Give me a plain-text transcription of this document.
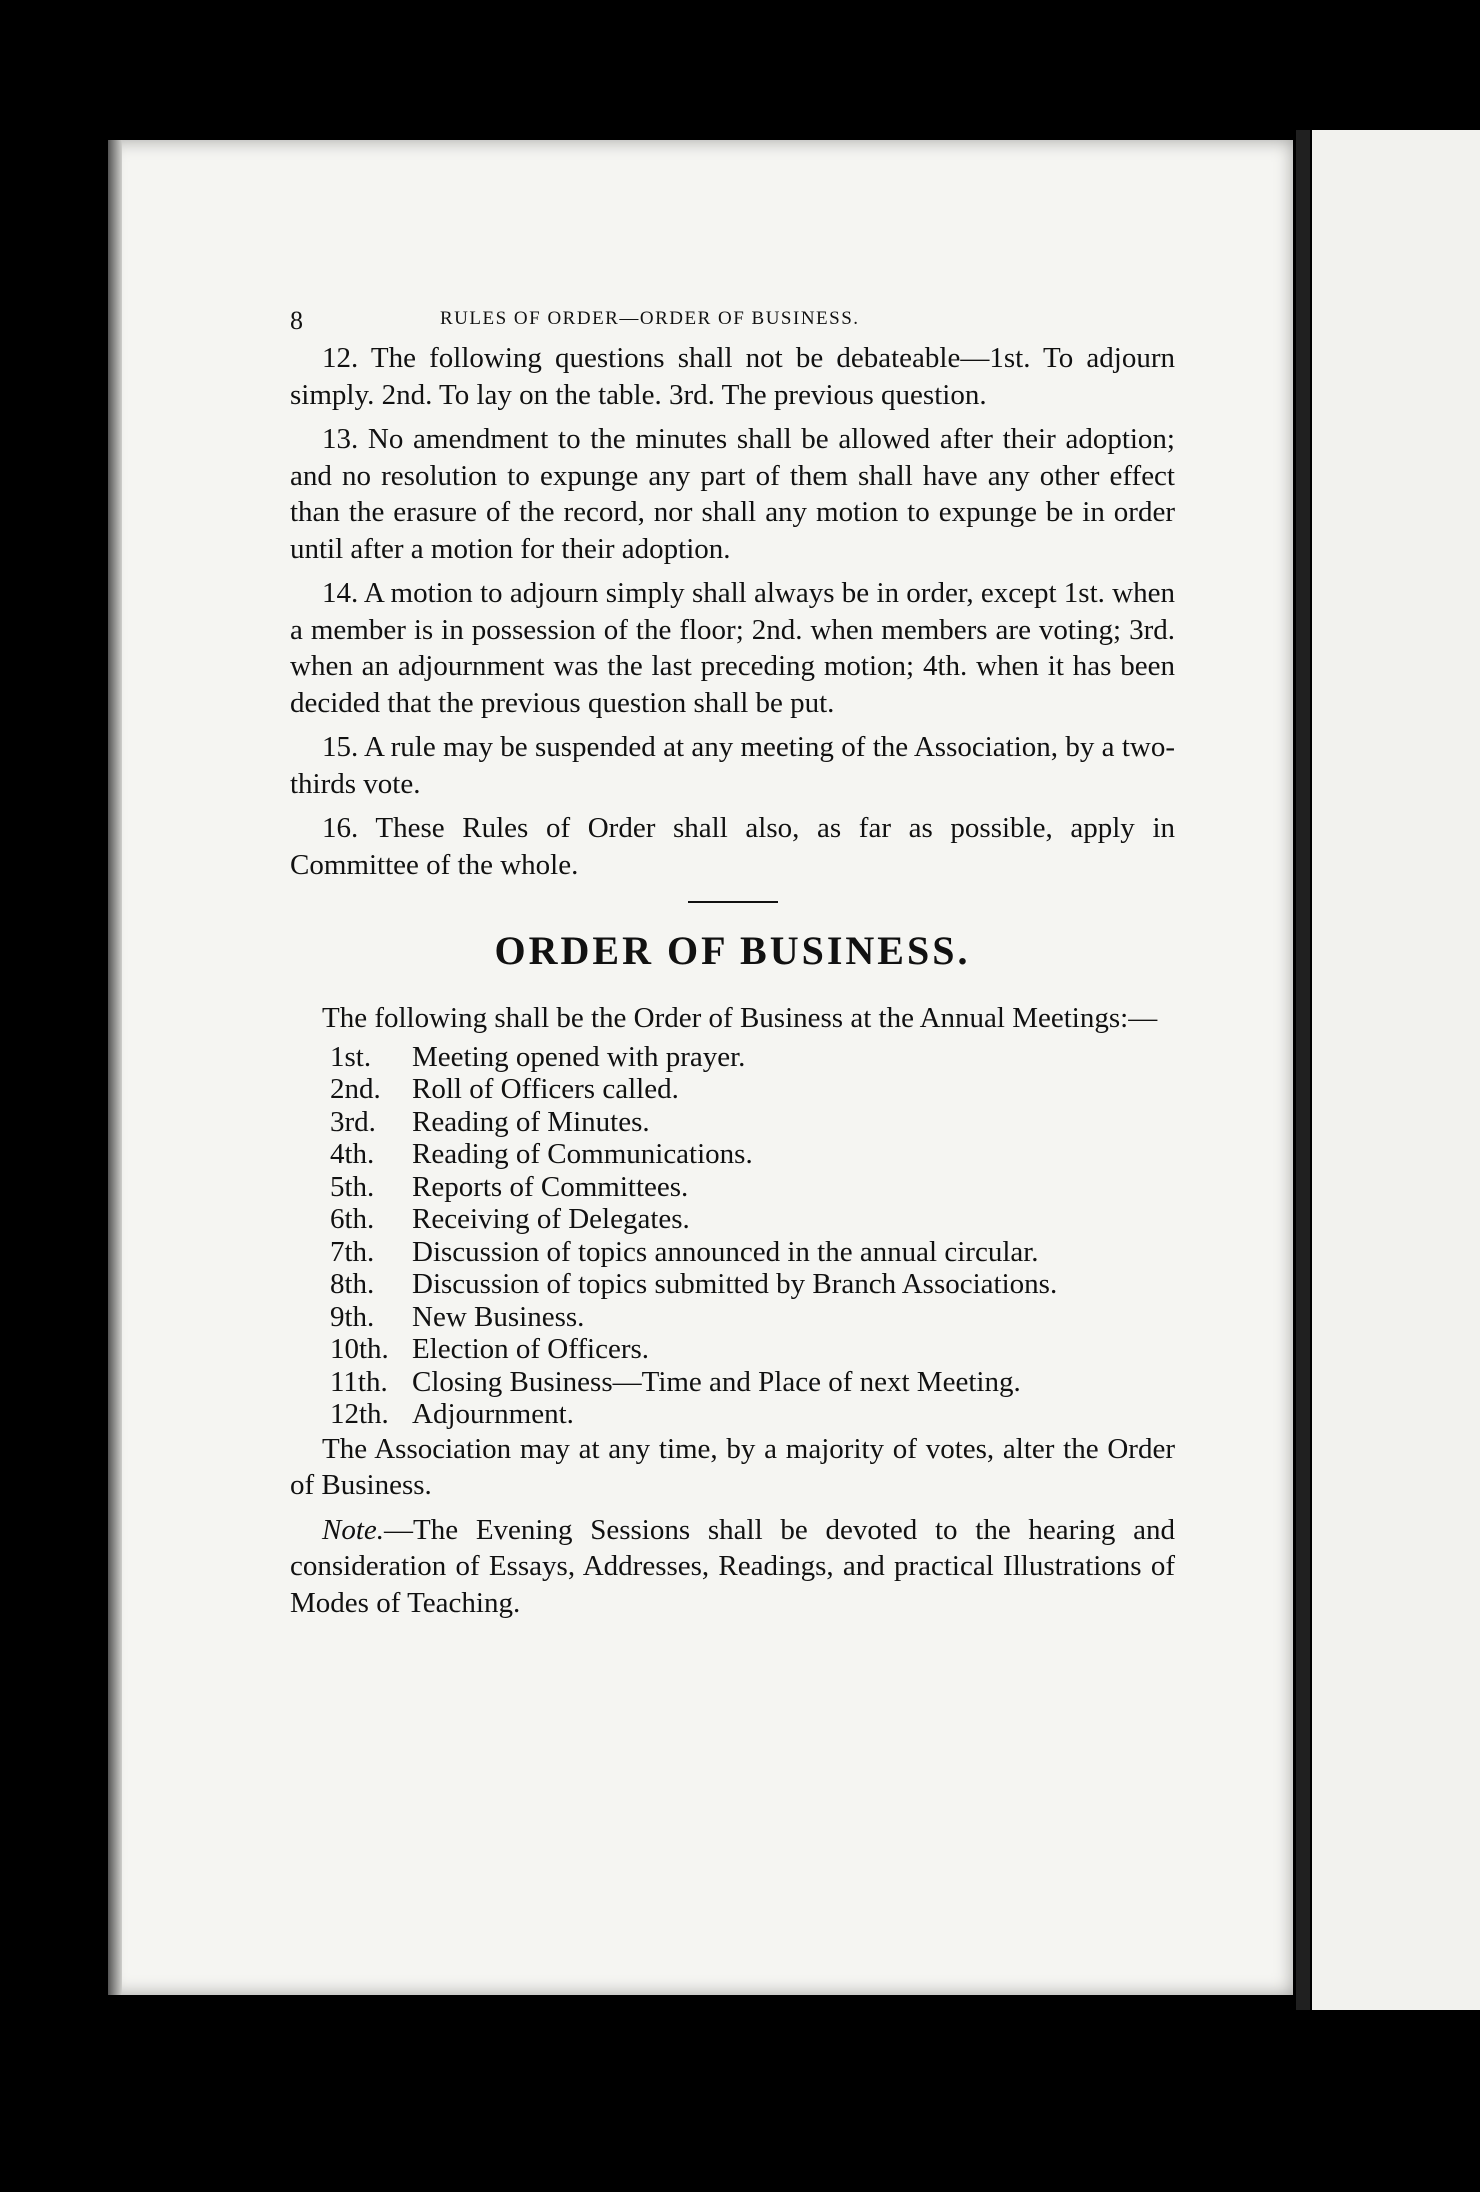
8	RULES OF ORDER—ORDER OF BUSINESS.

12. The following questions shall not be debateable—1st. To adjourn simply. 2nd. To lay on the table. 3rd. The previous question.

13. No amendment to the minutes shall be allowed after their adoption; and no resolution to expunge any part of them shall have any other effect than the erasure of the record, nor shall any motion to expunge be in order until after a motion for their adoption.

14. A motion to adjourn simply shall always be in order, except 1st. when a member is in possession of the floor; 2nd. when members are voting; 3rd. when an adjournment was the last preceding motion; 4th. when it has been decided that the previous question shall be put.

15. A rule may be suspended at any meeting of the Association, by a two-thirds vote.

16. These Rules of Order shall also, as far as possible, apply in Committee of the whole.

ORDER OF BUSINESS.

The following shall be the Order of Business at the Annual Meetings:—

1st. Meeting opened with prayer.
2nd. Roll of Officers called.
3rd. Reading of Minutes.
4th. Reading of Communications.
5th. Reports of Committees.
6th. Receiving of Delegates.
7th. Discussion of topics announced in the annual circular.
8th. Discussion of topics submitted by Branch Associations.
9th. New Business.
10th. Election of Officers.
11th. Closing Business—Time and Place of next Meeting.
12th. Adjournment.

The Association may at any time, by a majority of votes, alter the Order of Business.

Note.—The Evening Sessions shall be devoted to the hearing and consideration of Essays, Addresses, Readings, and practical Illustrations of Modes of Teaching.
